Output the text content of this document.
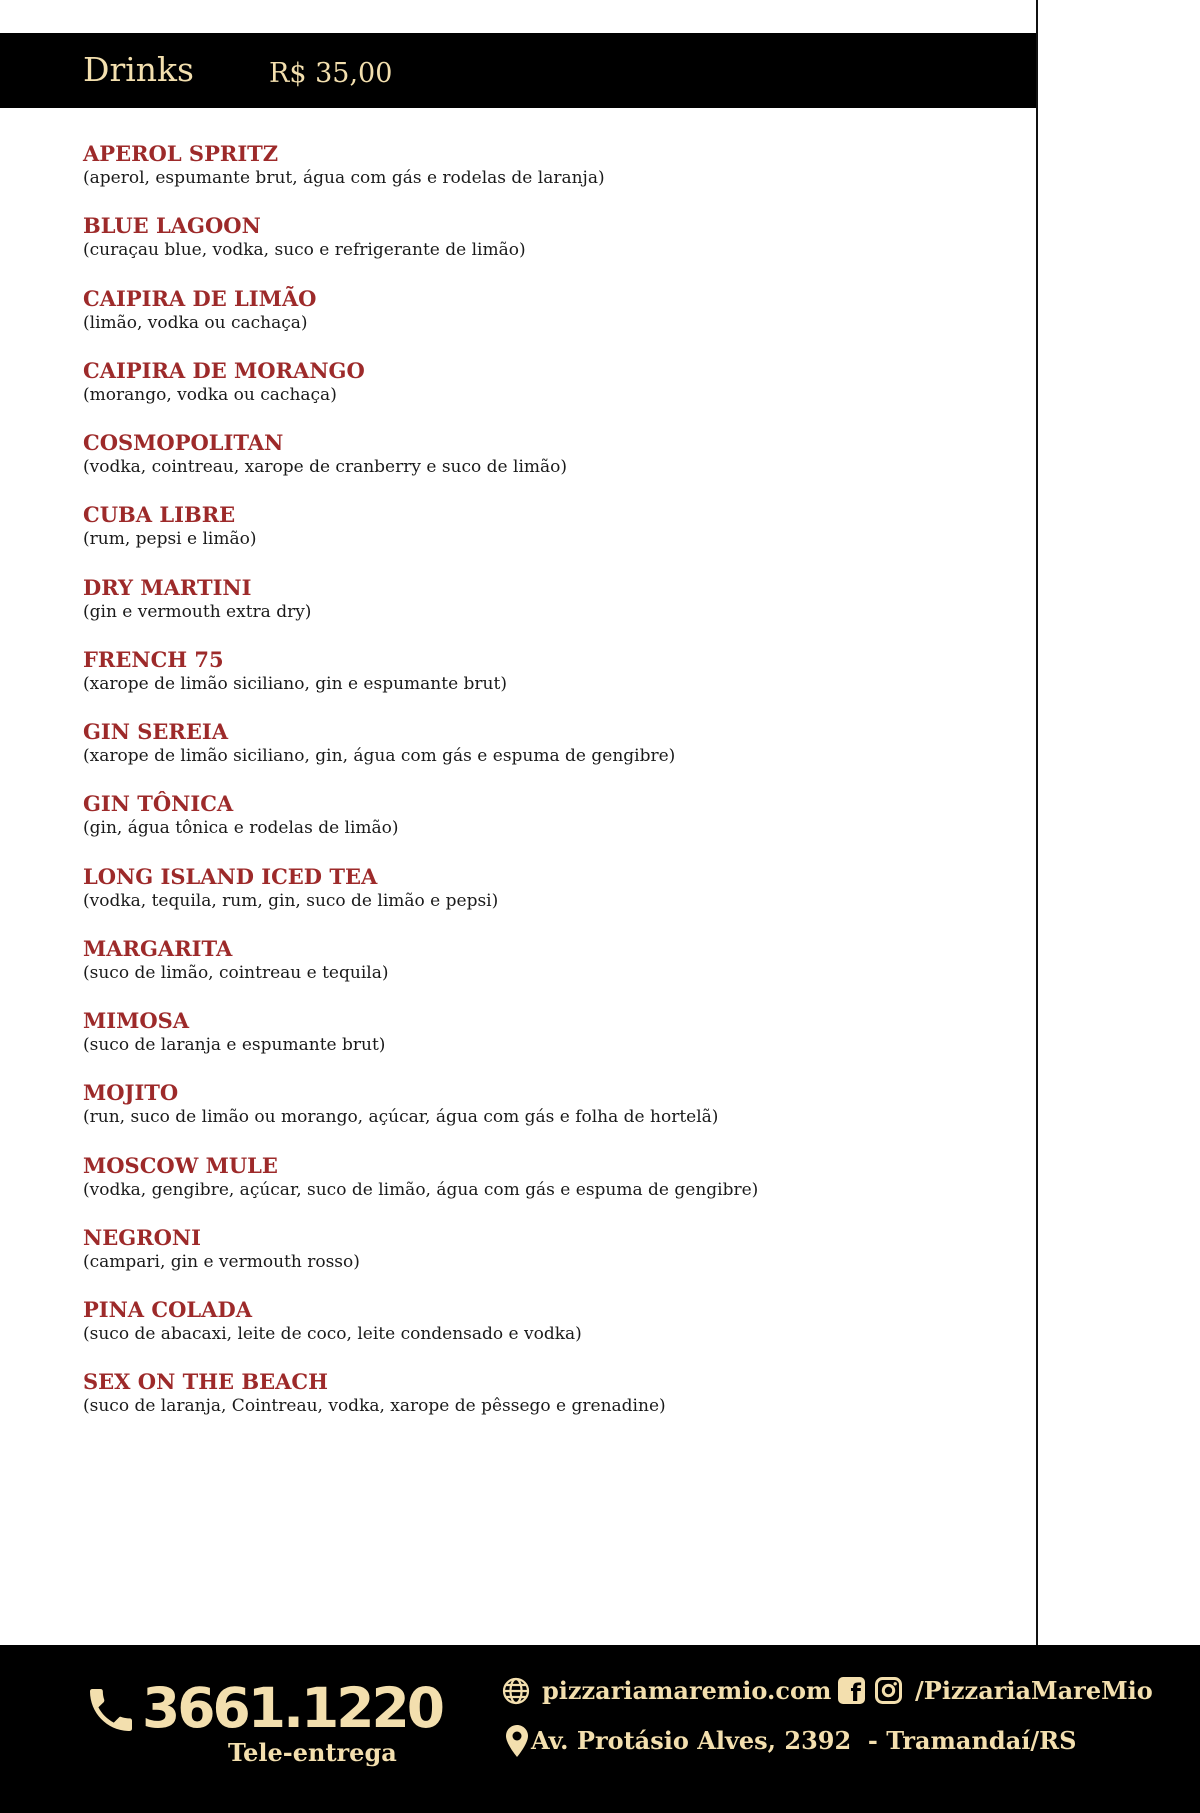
Drinks	R$ 35,00
APEROL SPRITZ
(aperol, espumante brut, água com gás e rodelas de laranja)
BLUE LAGOON
(curaçau blue, vodka, suco e refrigerante de limão)
CAIPIRA DE LIMÃO
(limão, vodka ou cachaça)
CAIPIRA DE MORANGO
(morango, vodka ou cachaça)
COSMOPOLITAN
(vodka, cointreau, xarope de cranberry e suco de limão)
CUBA LIBRE
(rum, pepsi e limão)
DRY MARTINI
(gin e vermouth extra dry)
FRENCH 75
(xarope de limão siciliano, gin e espumante brut)
GIN SEREIA
(xarope de limão siciliano, gin, água com gás e espuma de gengibre)
GIN TÔNICA
(gin, água tônica e rodelas de limão)
LONG ISLAND ICED TEA
(vodka, tequila, rum, gin, suco de limão e pepsi)
MARGARITA
(suco de limão, cointreau e tequila)
MIMOSA
(suco de laranja e espumante brut)
MOJITO
(run, suco de limão ou morango, açúcar, água com gás e folha de hortelã)
MOSCOW MULE
(vodka, gengibre, açúcar, suco de limão, água com gás e espuma de gengibre)
NEGRONI
(campari, gin e vermouth rosso)
PINA COLADA
(suco de abacaxi, leite de coco, leite condensado e vodka)
SEX ON THE BEACH
(suco de laranja, Cointreau, vodka, xarope de pêssego e grenadine)
3661.1220
Tele-entrega
pizzariamaremio.com f /PizzariaMareMio
Av. Protásio Alves, 2392  - Tramandaí/RS
